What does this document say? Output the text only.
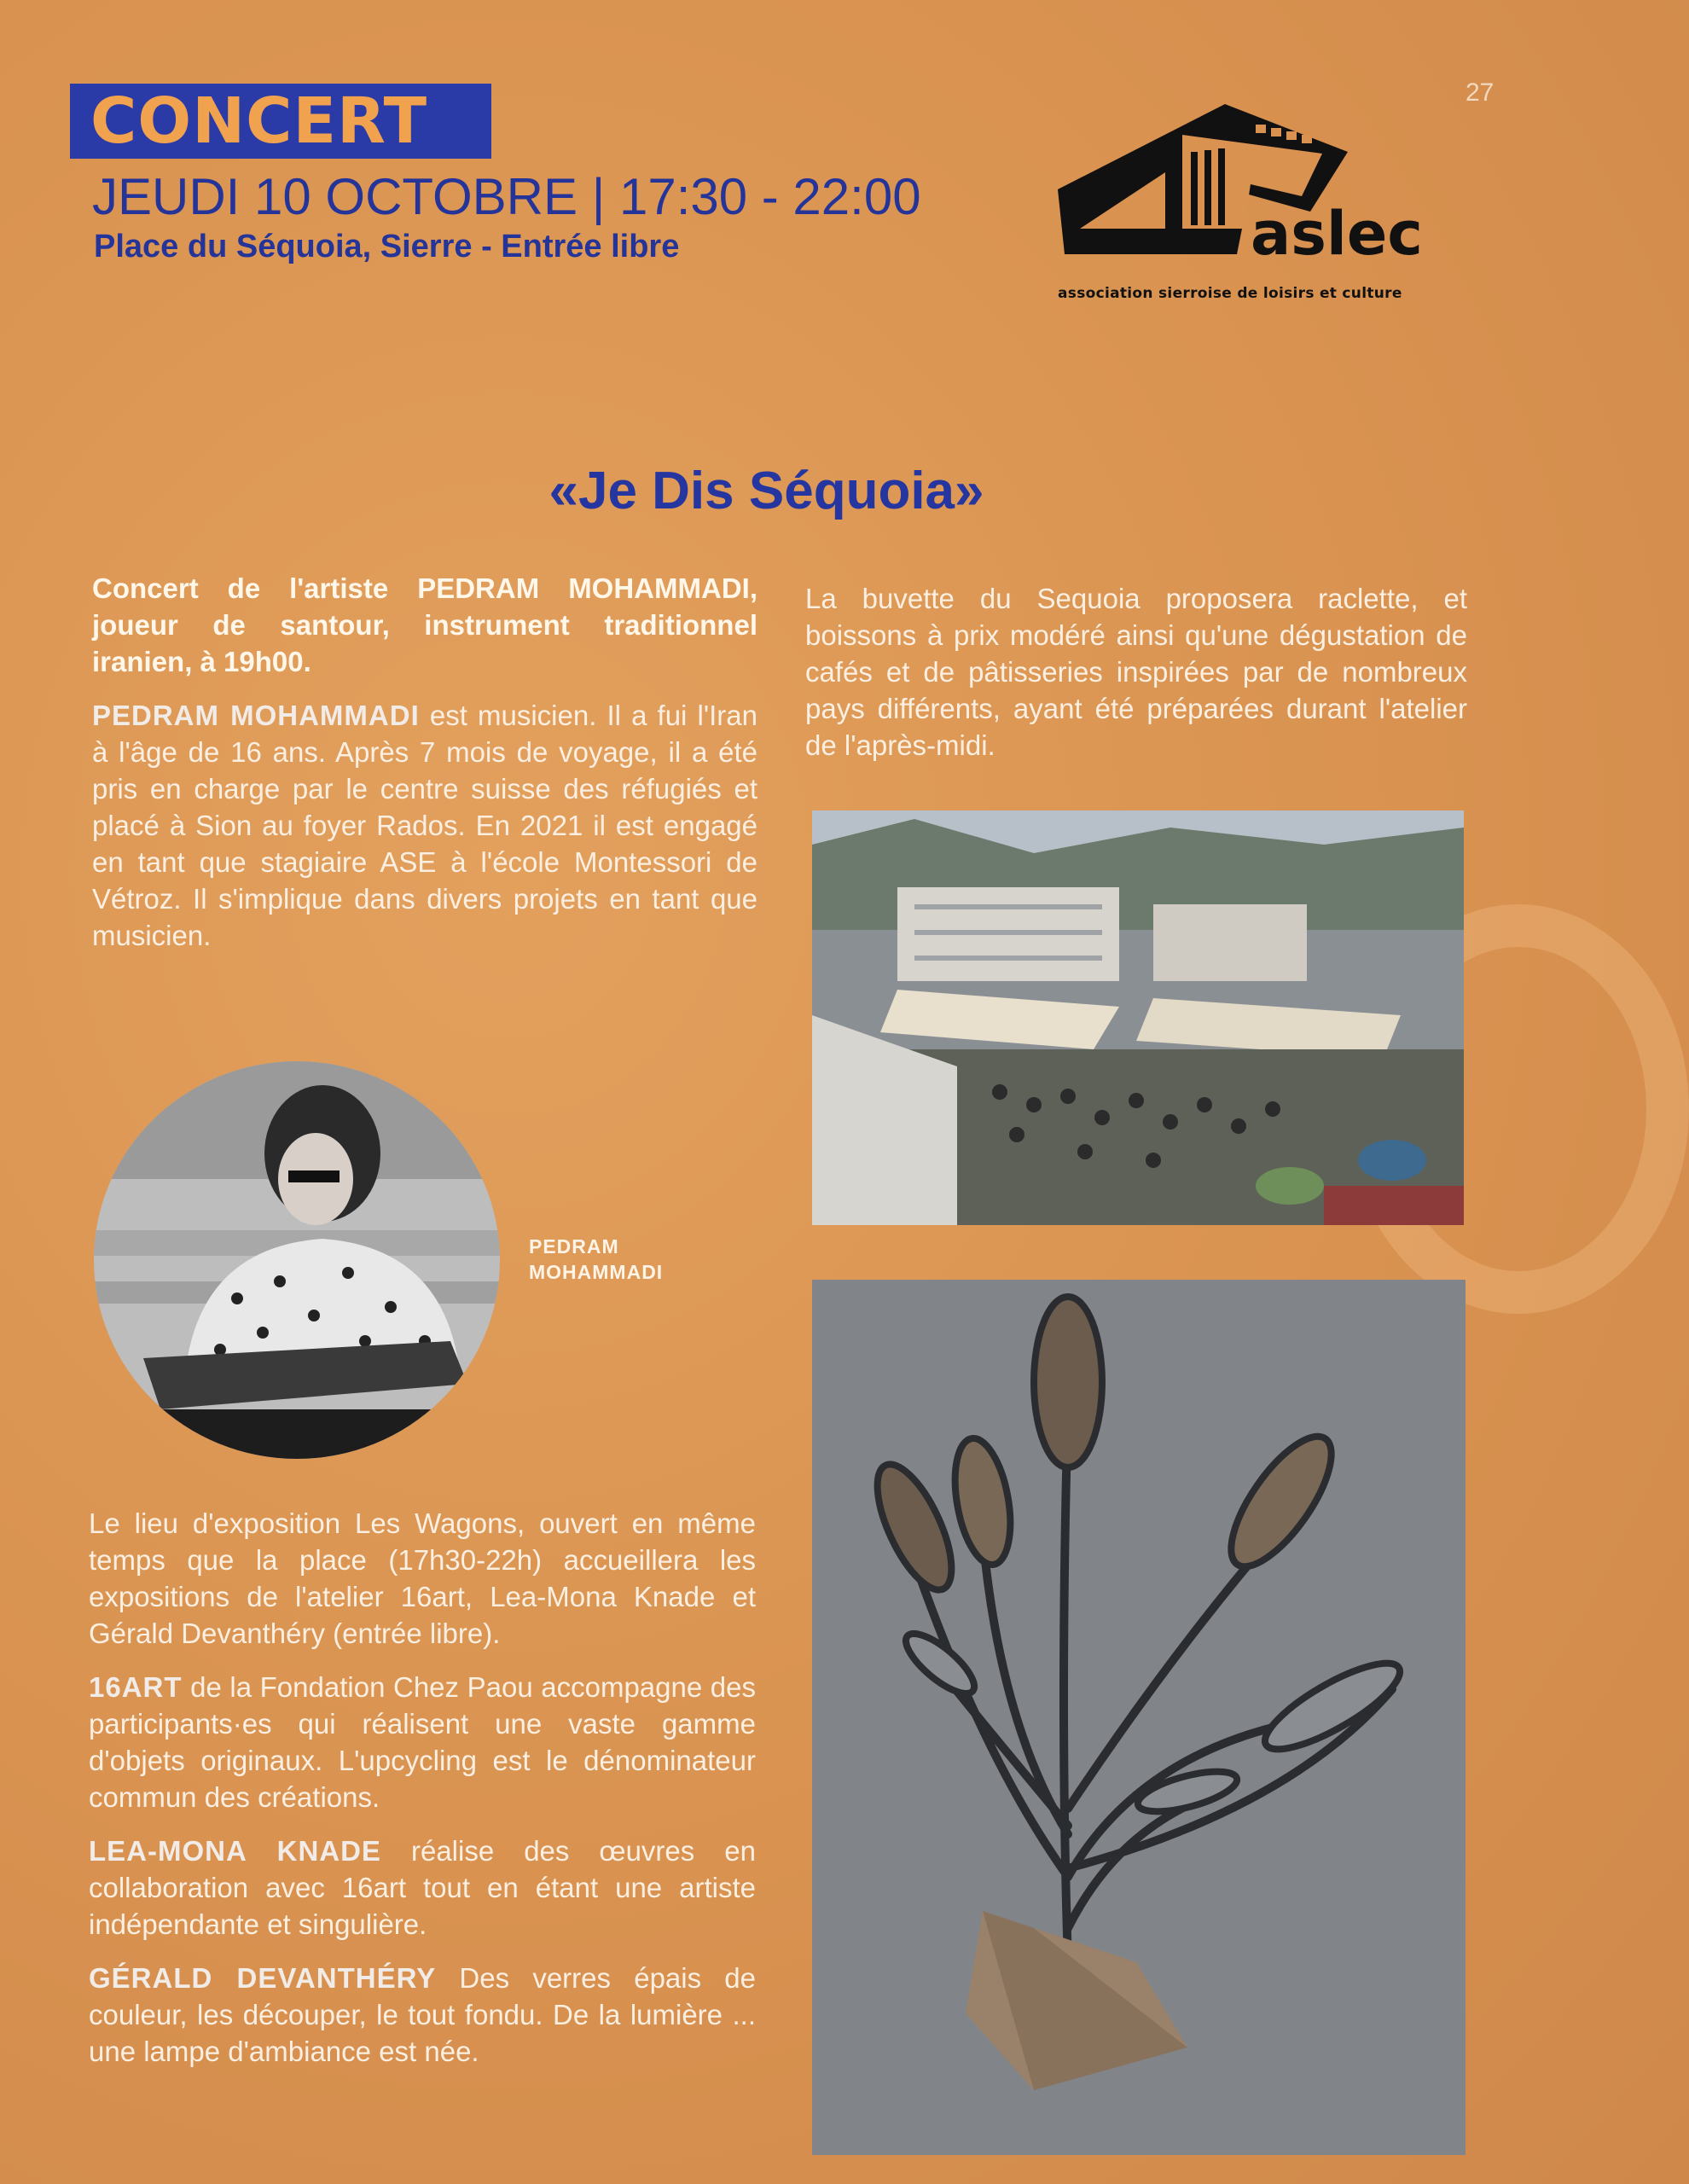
27
CONCERT
JEUDI 10 OCTOBRE | 17:30 - 22:00
Place du Séquoia, Sierre - Entrée libre	aslec
association sierroise de loisirs et culture
«Je Dis Séquoia»

Concert de l'artiste PEDRAM MOHAMMADI, joueur de santour, instrument traditionnel iranien, à 19h00.

PEDRAM MOHAMMADI est musicien. Il a fui l'Iran à l'âge de 16 ans. Après 7 mois de voyage, il a été pris en charge par le centre suisse des réfugiés et placé à Sion au foyer Rados. En 2021 il est engagé en tant que stagiaire ASE à l'école Montessori de Vétroz. Il s'implique dans divers projets en tant que musicien.

La buvette du Sequoia proposera raclette, et boissons à prix modéré ainsi qu'une dégustation de cafés et de pâtisseries inspirées par de nombreux pays différents, ayant été préparées durant l'atelier de l'après-midi.

PEDRAM
MOHAMMADI

Le lieu d'exposition Les Wagons, ouvert en même temps que la place (17h30-22h) accueillera les expositions de l'atelier 16art, Lea-Mona Knade et Gérald Devanthéry (entrée libre).

16ART de la Fondation Chez Paou accompagne des participants·es qui réalisent une vaste gamme d'objets originaux. L'upcycling est le dénominateur commun des créations.

LEA-MONA KNADE réalise des œuvres en collaboration avec 16art tout en étant une artiste indépendante et singulière.

GÉRALD DEVANTHÉRY Des verres épais de couleur, les découper, le tout fondu. De la lumière ... une lampe d'ambiance est née.
